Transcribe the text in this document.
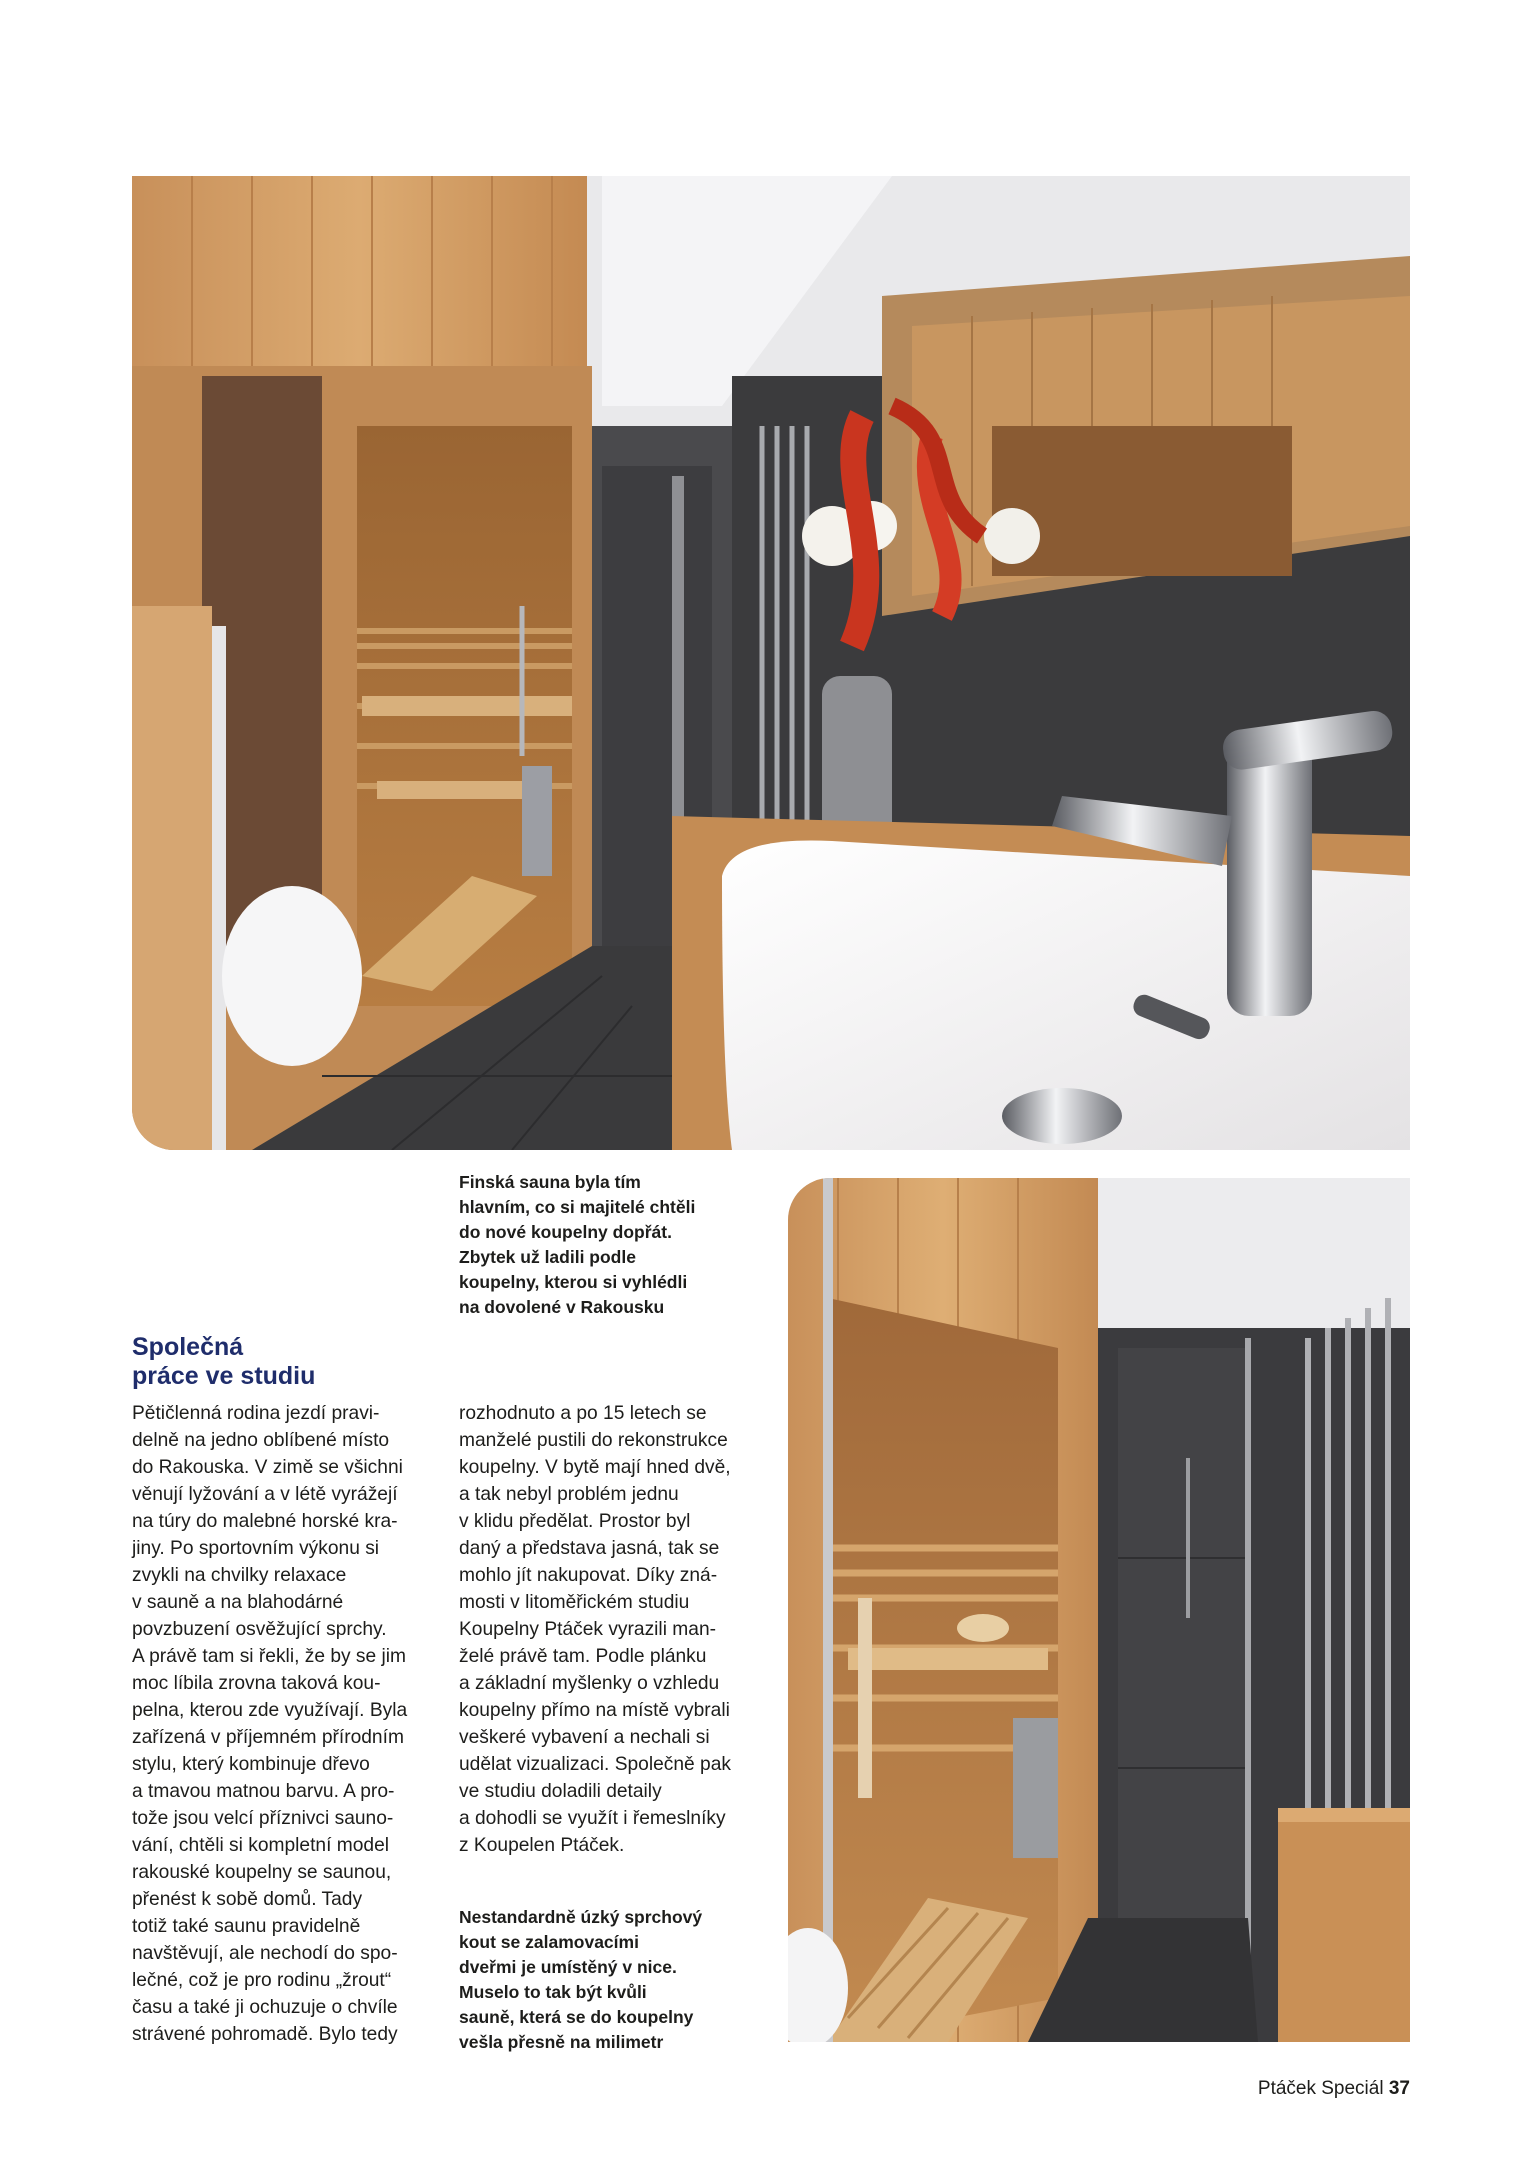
Finská sauna byla tím
hlavním, co si majitelé chtěli
do nové koupelny dopřát.
Zbytek už ladili podle
koupelny, kterou si vyhlédli
na dovolené v Rakousku
Nestandardně úzký sprchový
kout se zalamovacími
dveřmi je umístěný v nice.
Muselo to tak být kvůli
sauně, která se do koupelny
vešla přesně na milimetr
Společná
práce ve studiu
Pětičlenná rodina jezdí pravi-
delně na jedno oblíbené místo
do Rakouska. V zimě se všichni
věnují lyžování a v létě vyrážejí
na túry do malebné horské kra-
jiny. Po sportovním výkonu si
zvykli na chvilky relaxace
v sauně a na blahodárné
povzbuzení osvěžující sprchy.
A právě tam si řekli, že by se jim
moc líbila zrovna taková kou-
pelna, kterou zde využívají. Byla
zařízená v příjemném přírodním
stylu, který kombinuje dřevo
a tmavou matnou barvu. A pro-
tože jsou velcí příznivci sauno-
vání, chtěli si kompletní model
rakouské koupelny se saunou,
přenést k sobě domů. Tady
totiž také saunu pravidelně
navštěvují, ale nechodí do spo-
lečné, což je pro rodinu „žrout“
času a také ji ochuzuje o chvíle
strávené pohromadě. Bylo tedy
rozhodnuto a po 15 letech se
manželé pustili do rekonstrukce
koupelny. V bytě mají hned dvě,
a tak nebyl problém jednu
v klidu předělat. Prostor byl
daný a představa jasná, tak se
mohlo jít nakupovat. Díky zná-
mosti v litoměřickém studiu
Koupelny Ptáček vyrazili man-
želé právě tam. Podle plánku
a základní myšlenky o vzhledu
koupelny přímo na místě vybrali
veškeré vybavení a nechali si
udělat vizualizaci. Společně pak
ve studiu doladili detaily
a dohodli se využít i řemeslníky
z Koupelen Ptáček.
Ptáček Speciál 37
